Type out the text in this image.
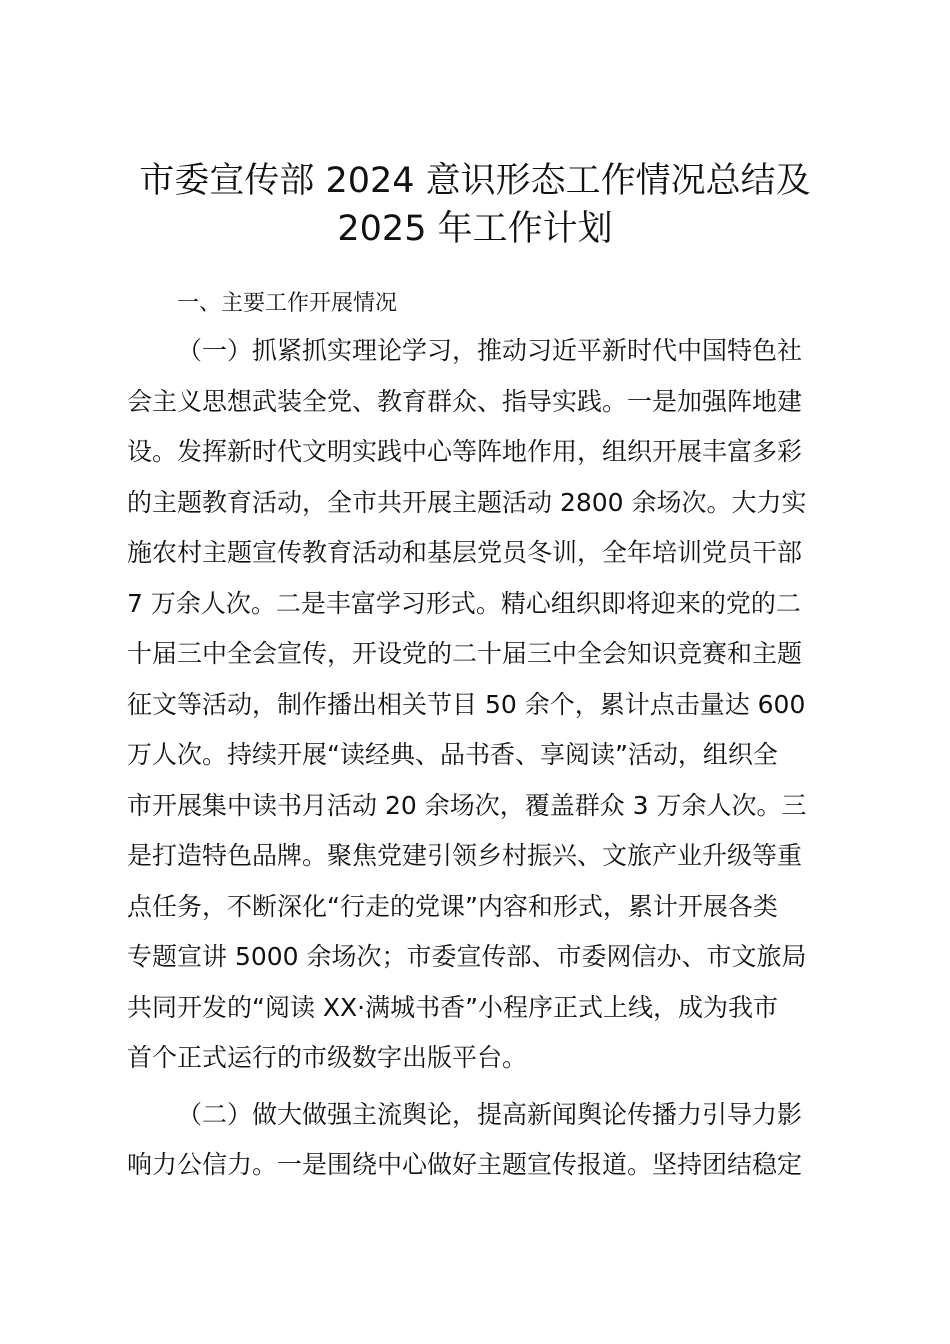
市委宣传部 2024 意识形态工作情况总结及
2025 年工作计划

一、主要工作开展情况

（一）抓紧抓实理论学习，推动习近平新时代中国特色社
会主义思想武装全党、教育群众、指导实践。一是加强阵地建
设。发挥新时代文明实践中心等阵地作用，组织开展丰富多彩
的主题教育活动，全市共开展主题活动 2800 余场次。大力实
施农村主题宣传教育活动和基层党员冬训，全年培训党员干部
7 万余人次。二是丰富学习形式。精心组织即将迎来的党的二
十届三中全会宣传，开设党的二十届三中全会知识竞赛和主题
征文等活动，制作播出相关节目 50 余个，累计点击量达 600
万人次。持续开展“读经典、品书香、享阅读”活动，组织全
市开展集中读书月活动 20 余场次，覆盖群众 3 万余人次。三
是打造特色品牌。聚焦党建引领乡村振兴、文旅产业升级等重
点任务，不断深化“行走的党课”内容和形式，累计开展各类
专题宣讲 5000 余场次；市委宣传部、市委网信办、市文旅局
共同开发的“阅读 XX·满城书香”小程序正式上线，成为我市
首个正式运行的市级数字出版平台。
（二）做大做强主流舆论，提高新闻舆论传播力引导力影
响力公信力。一是围绕中心做好主题宣传报道。坚持团结稳定
